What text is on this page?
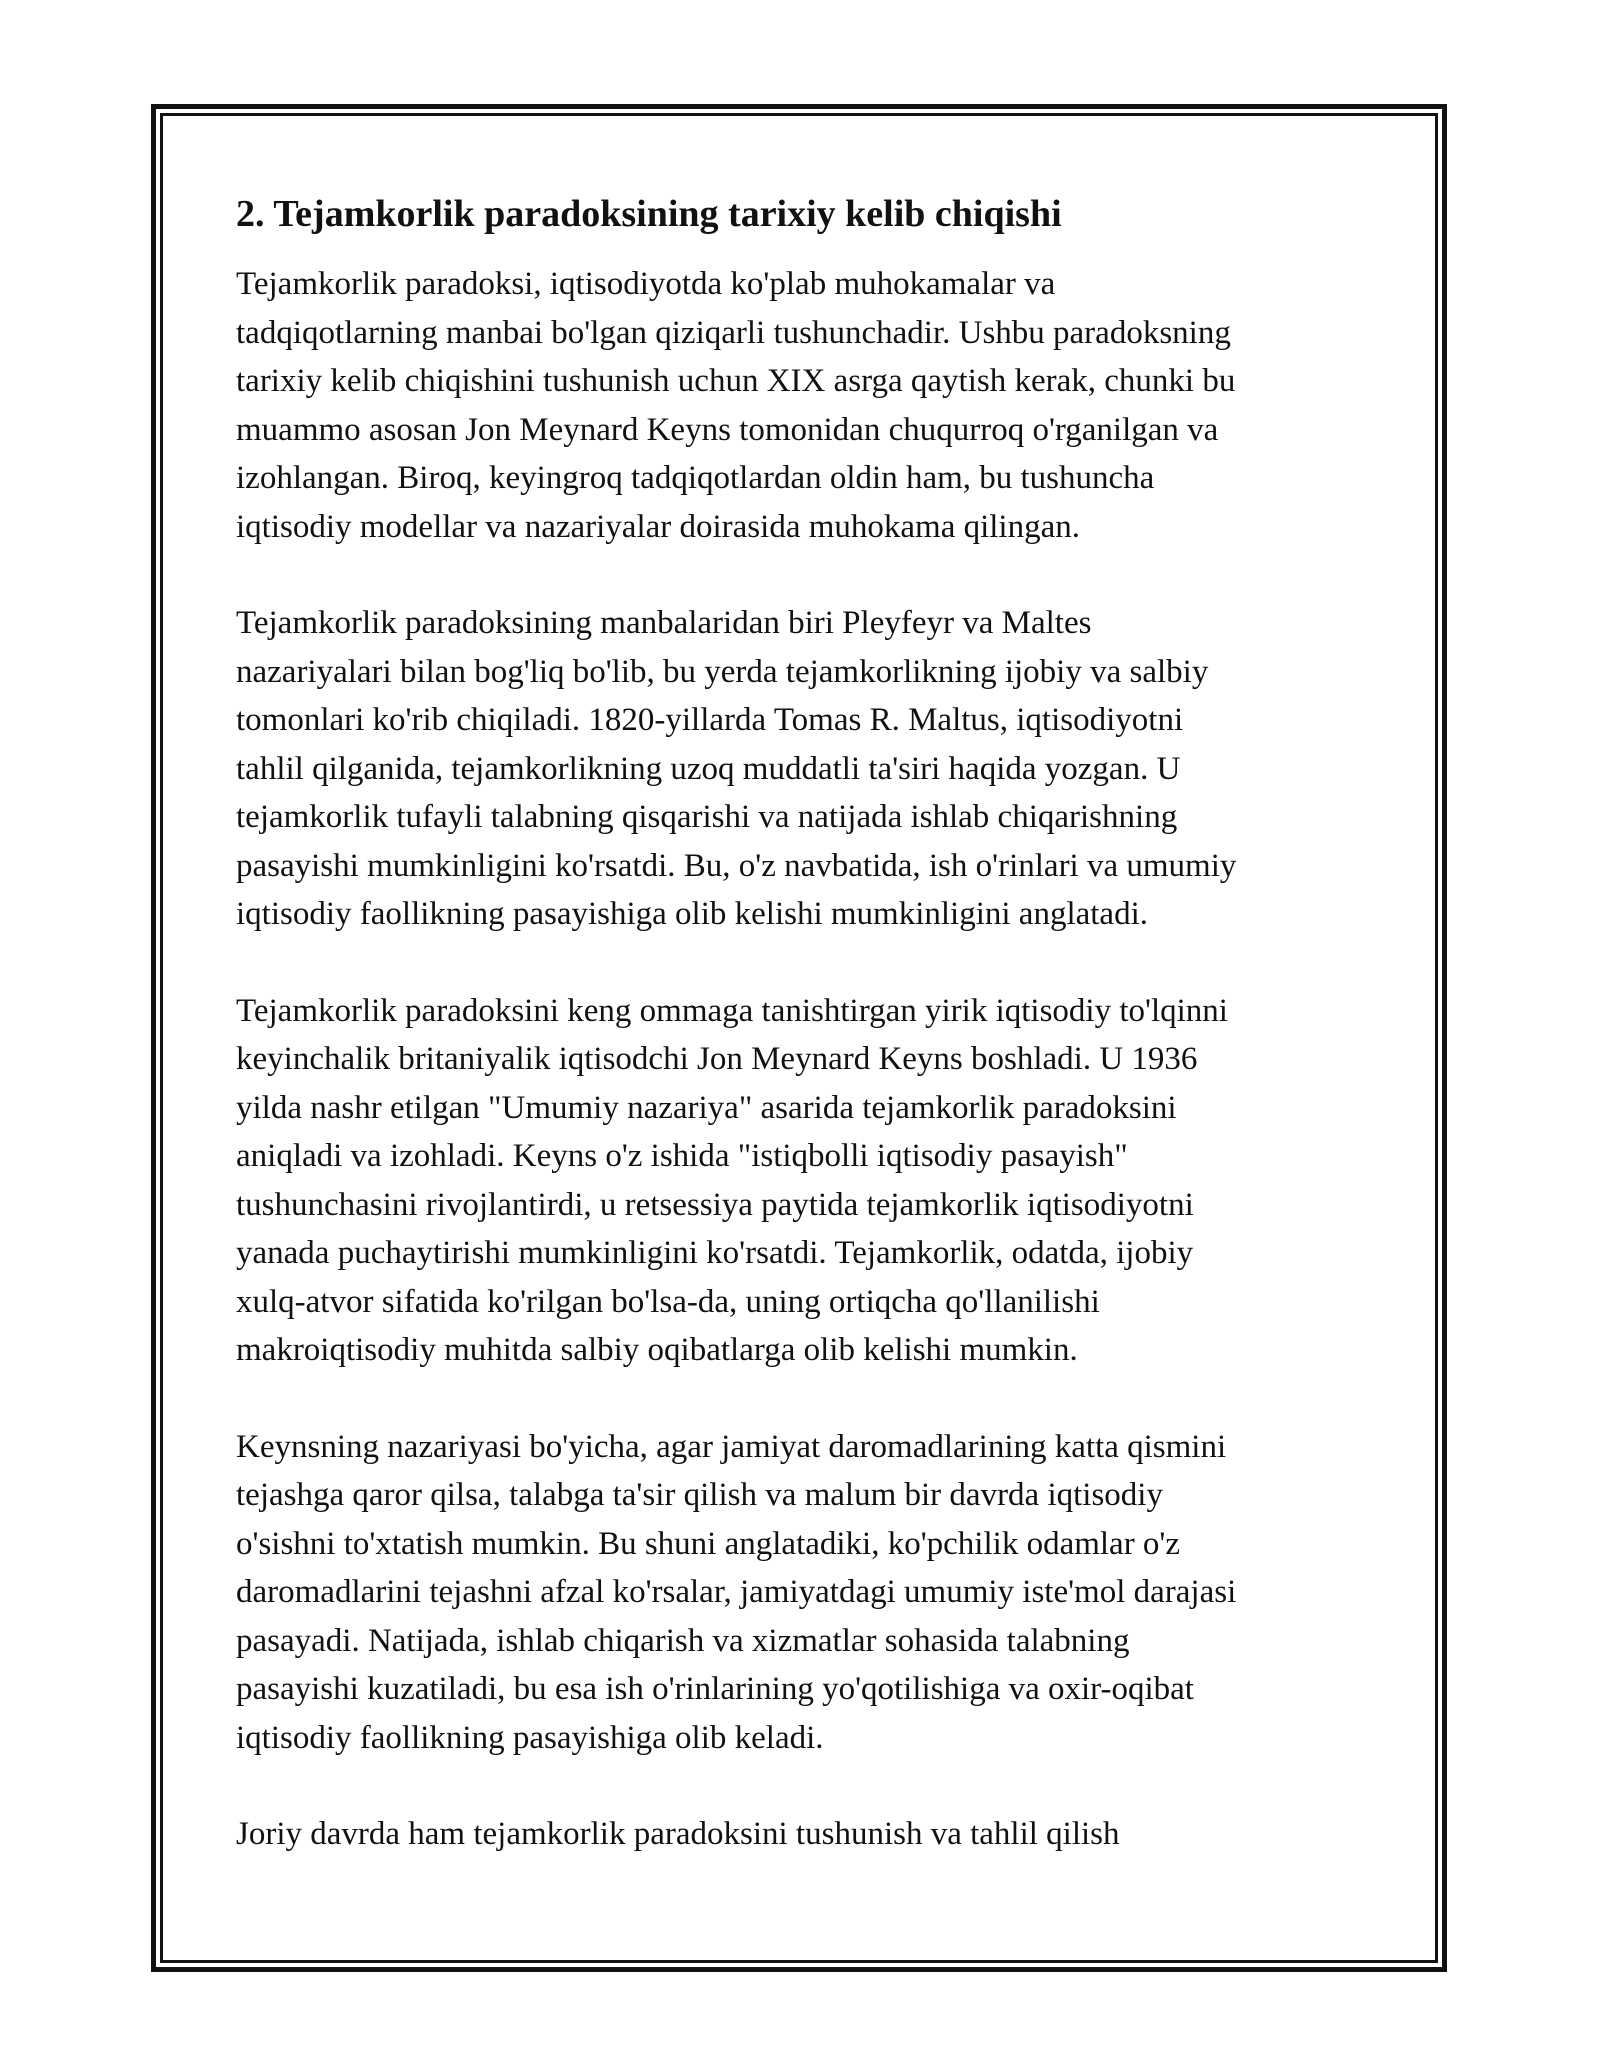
2. Tejamkorlik paradoksining tarixiy kelib chiqishi

Tejamkorlik paradoksi, iqtisodiyotda ko'plab muhokamalar va
tadqiqotlarning manbai bo'lgan qiziqarli tushunchadir. Ushbu paradoksning
tarixiy kelib chiqishini tushunish uchun XIX asrga qaytish kerak, chunki bu
muammo asosan Jon Meynard Keyns tomonidan chuqurroq o'rganilgan va
izohlangan. Biroq, keyingroq tadqiqotlardan oldin ham, bu tushuncha
iqtisodiy modellar va nazariyalar doirasida muhokama qilingan.

Tejamkorlik paradoksining manbalaridan biri Pleyfeyr va Maltes
nazariyalari bilan bog'liq bo'lib, bu yerda tejamkorlikning ijobiy va salbiy
tomonlari ko'rib chiqiladi. 1820-yillarda Tomas R. Maltus, iqtisodiyotni
tahlil qilganida, tejamkorlikning uzoq muddatli ta'siri haqida yozgan. U
tejamkorlik tufayli talabning qisqarishi va natijada ishlab chiqarishning
pasayishi mumkinligini ko'rsatdi. Bu, o'z navbatida, ish o'rinlari va umumiy
iqtisodiy faollikning pasayishiga olib kelishi mumkinligini anglatadi.

Tejamkorlik paradoksini keng ommaga tanishtirgan yirik iqtisodiy to'lqinni
keyinchalik britaniyalik iqtisodchi Jon Meynard Keyns boshladi. U 1936
yilda nashr etilgan "Umumiy nazariya" asarida tejamkorlik paradoksini
aniqladi va izohladi. Keyns o'z ishida "istiqbolli iqtisodiy pasayish"
tushunchasini rivojlantirdi, u retsessiya paytida tejamkorlik iqtisodiyotni
yanada puchaytirishi mumkinligini ko'rsatdi. Tejamkorlik, odatda, ijobiy
xulq-atvor sifatida ko'rilgan bo'lsa-da, uning ortiqcha qo'llanilishi
makroiqtisodiy muhitda salbiy oqibatlarga olib kelishi mumkin.

Keynsning nazariyasi bo'yicha, agar jamiyat daromadlarining katta qismini
tejashga qaror qilsa, talabga ta'sir qilish va malum bir davrda iqtisodiy
o'sishni to'xtatish mumkin. Bu shuni anglatadiki, ko'pchilik odamlar o'z
daromadlarini tejashni afzal ko'rsalar, jamiyatdagi umumiy iste'mol darajasi
pasayadi. Natijada, ishlab chiqarish va xizmatlar sohasida talabning
pasayishi kuzatiladi, bu esa ish o'rinlarining yo'qotilishiga va oxir-oqibat
iqtisodiy faollikning pasayishiga olib keladi.

Joriy davrda ham tejamkorlik paradoksini tushunish va tahlil qilish
